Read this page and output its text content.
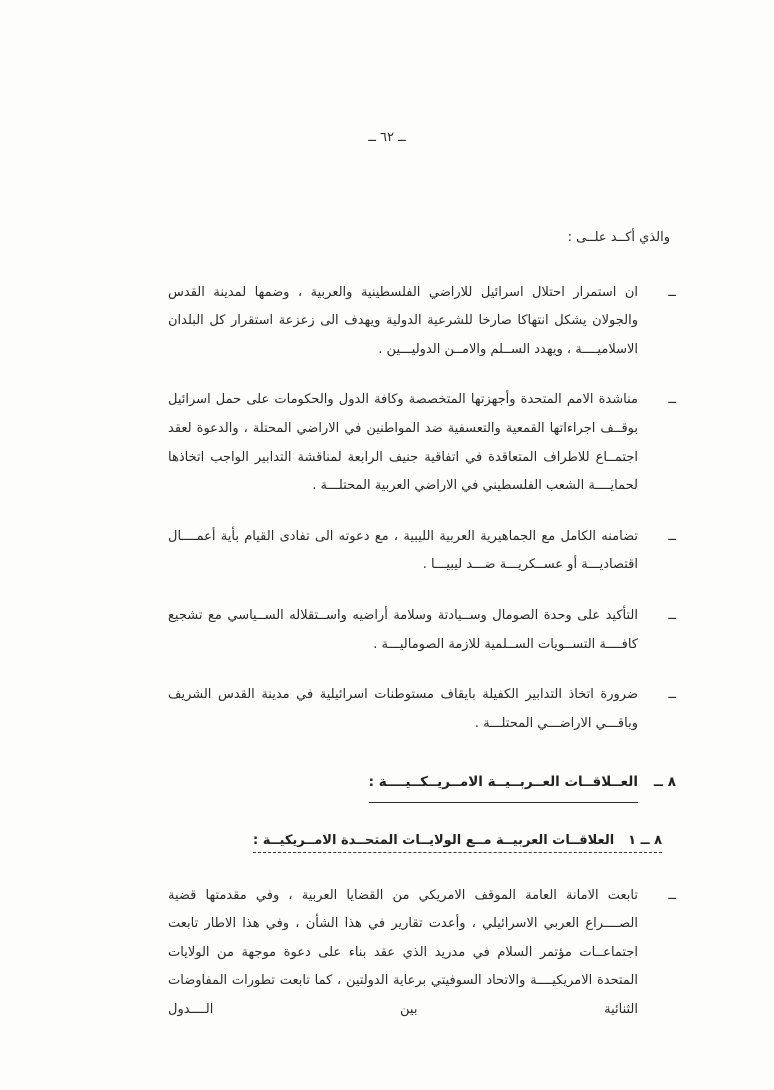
ــ ٦٢ ــ

والذي أكــد علــى :

ــ

ان استمرار احتلال اسرائيل للاراضي الفلسطينية والعربية ، وضمها لمدينة القدس والجولان يشكل انتهاكا صارخا للشرعية الدولية ويهدف الى زعزعة استقرار كل البلدان الاسلاميــــة ، ويهدد الســلم والامــن الدوليـــين .

ــ

مناشدة الامم المتحدة وأجهزتها المتخصصة وكافة الدول والحكومات على حمل اسرائيل بوقــف اجراءاتها القمعية والتعسفية ضد المواطنين في الاراضي المحتلة ، والدعوة لعقد اجتمــاع للاطراف المتعاقدة في اتفاقية جنيف الرابعة لمناقشة التدابير الواجب اتخاذها لحمايــــة الشعب الفلسطيني في الاراضي العربية المحتلـــة .

ــ

تضامنه الكامل مع الجماهيرية العربية الليبية ، مع دعوته الى تفادى القيام بأية أعمــــال اقتصاديـــة أو عســكريـــة ضـــد ليبيـــا .

ــ

التأكيد على وحدة الصومال وســيادتة وسلامة أراضيه واســتقلاله الســياسي مع تشجيع كافــــة التســويات الســلمية للازمة الصوماليـــة .

ــ

ضرورة اتخاذ التدابير الكفيلة بايقاف مستوطنات اسرائيلية في مدينة القدس الشريف وباقـــي الاراضـــي المحتلـــة .

٨ ــ
العــلاقــات العــربــيــة الامــريــكــيــــة :
٨ ــ ١العلاقــات العربيــة مــع الولايــات المتحــدة الامــريكيــة :
ــ

تابعت الامانة العامة الموقف الامريكي من القضايا العربية ، وفي مقدمتها قضية الصــــراع العربي الاسرائيلي ، وأعدت تقارير في هذا الشأن ، وفي هذا الاطار تابعت اجتماعــات مؤتمر السلام في مدريد الذي عقد بناء على دعوة موجهة من الولايات المتحدة الامريكيــــة والاتحاد السوفيتي برعاية الدولتين ، كما تابعت تطورات المفاوضات الثنائية بين الــــدول
